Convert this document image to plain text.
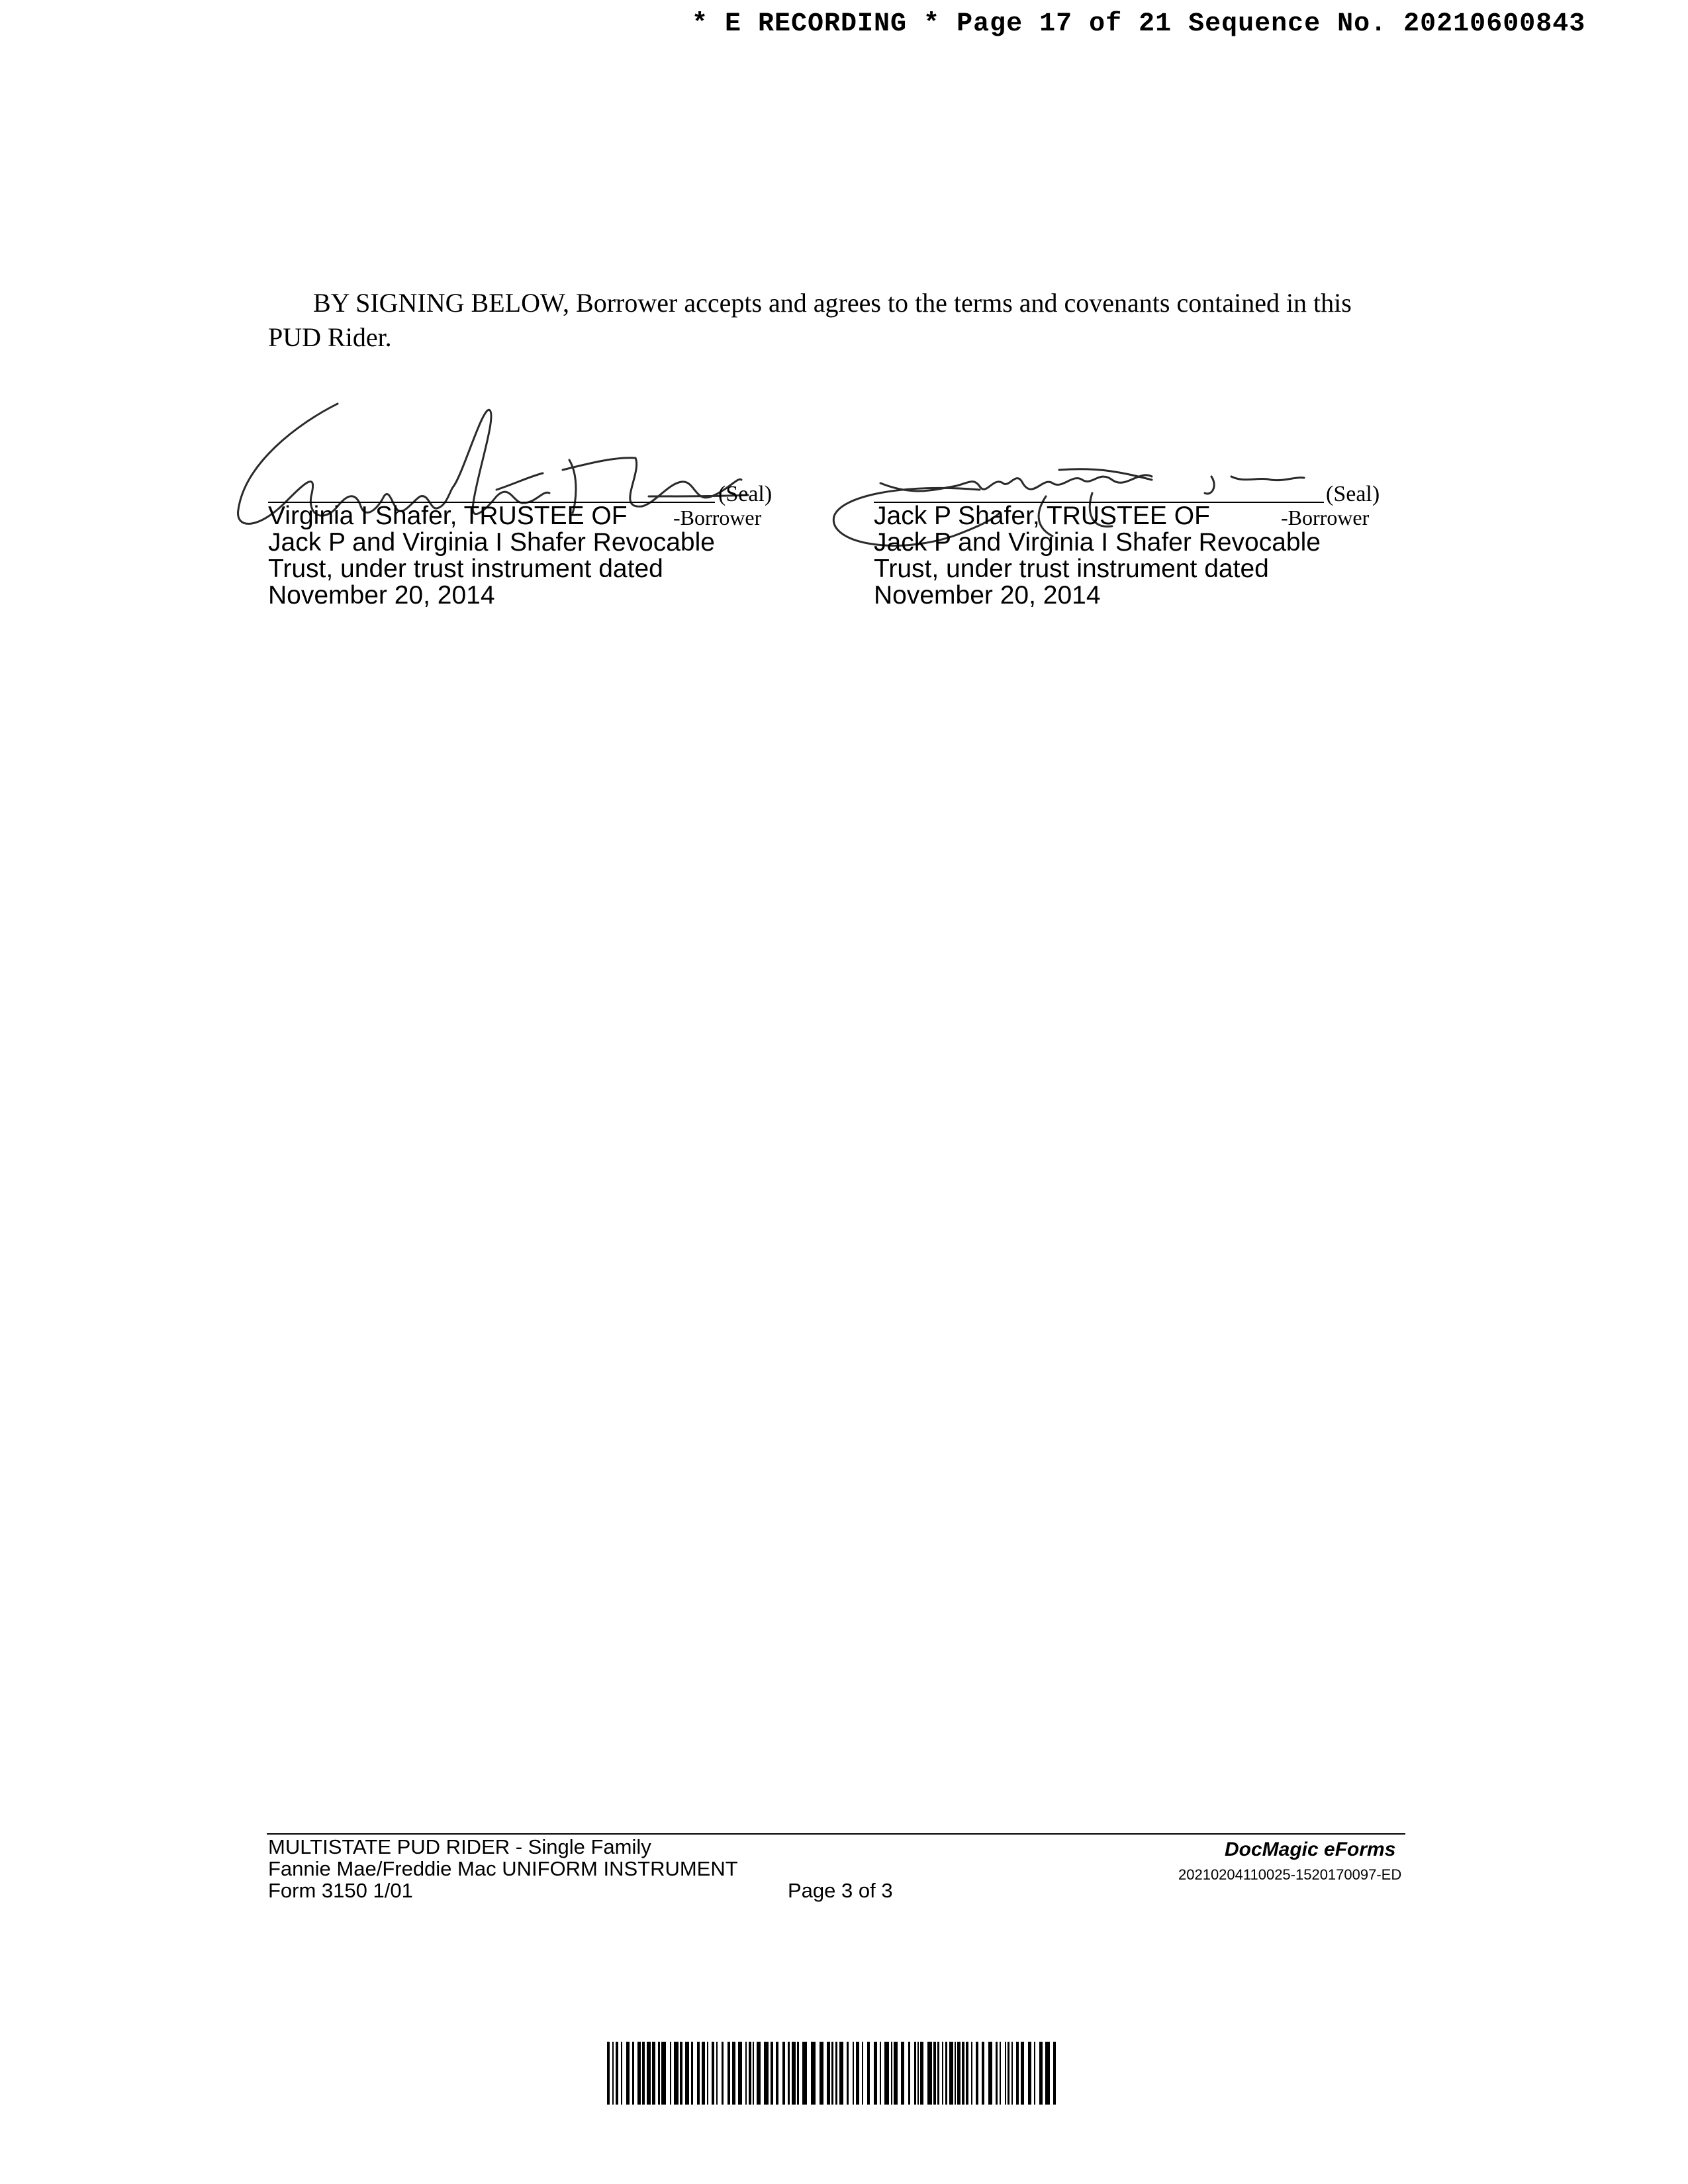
* E RECORDING * Page 17 of 21 Sequence No. 20210600843
BY SIGNING BELOW, Borrower accepts and agrees to the terms and covenants contained in this PUD Rider.
(Seal)
-Borrower
Virginia I Shafer, TRUSTEE OF
Jack P and Virginia I Shafer Revocable
Trust, under trust instrument dated
November 20, 2014
(Seal)
-Borrower
Jack P Shafer, TRUSTEE OF
Jack P and Virginia I Shafer Revocable
Trust, under trust instrument dated
November 20, 2014
MULTISTATE PUD RIDER - Single Family
Fannie Mae/Freddie Mac UNIFORM INSTRUMENT
Form 3150 1/01	Page 3 of 3
DocMagic eForms
20210204110025-1520170097-ED
